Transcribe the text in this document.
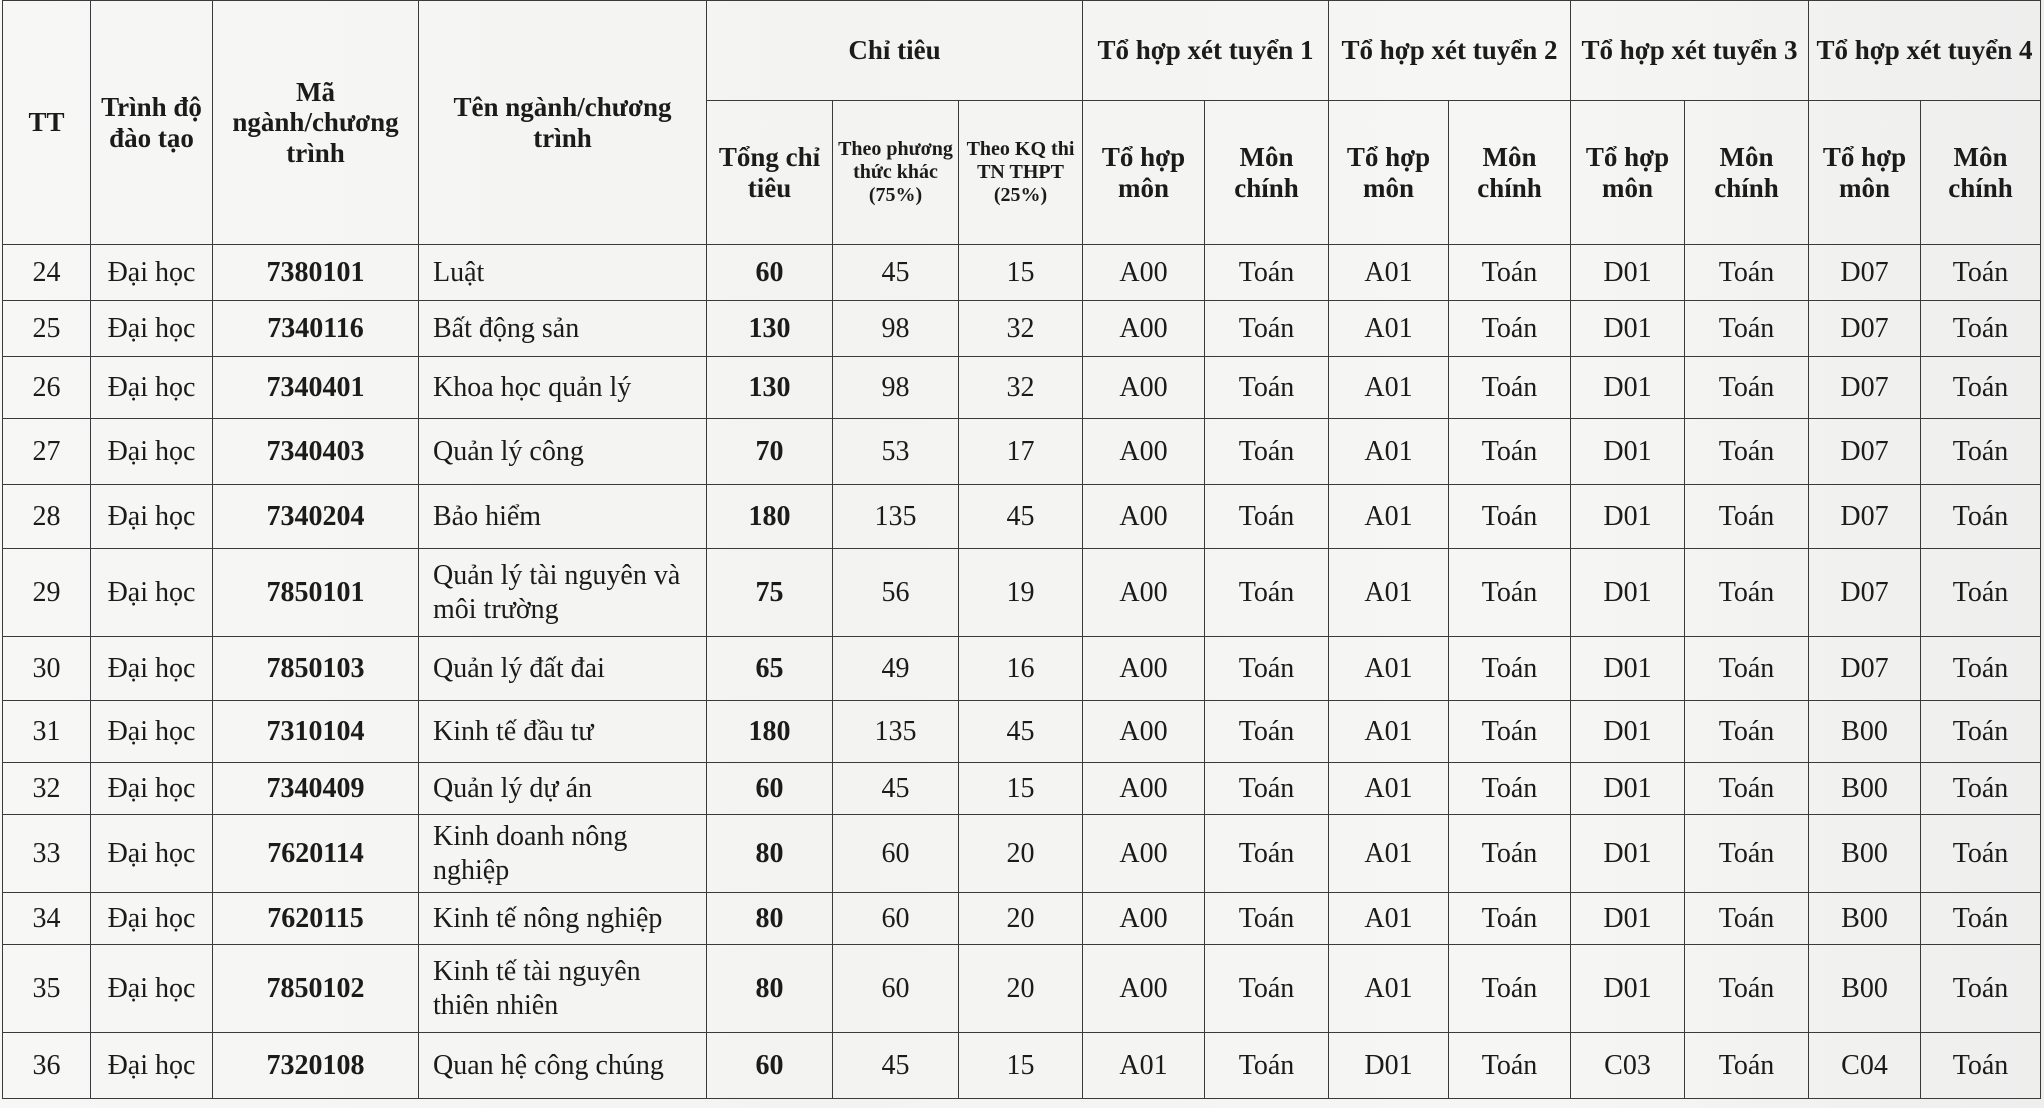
TT	Trình độ đào tạo	Mã ngành/chương trình	Tên ngành/chương trình	Chỉ tiêu			Tổ hợp xét tuyển 1		Tổ hợp xét tuyển 2		Tổ hợp xét tuyển 3		Tổ hợp xét tuyển 4	
				Tổng chỉ tiêu	Theo phương thức khác (75%)	Theo KQ thi TN THPT (25%)	Tổ hợp môn	Môn chính	Tổ hợp môn	Môn chính	Tổ hợp môn	Môn chính	Tổ hợp môn	Môn chính
24	Đại học	7380101	Luật	60	45	15	A00	Toán	A01	Toán	D01	Toán	D07	Toán
25	Đại học	7340116	Bất động sản	130	98	32	A00	Toán	A01	Toán	D01	Toán	D07	Toán
26	Đại học	7340401	Khoa học quản lý	130	98	32	A00	Toán	A01	Toán	D01	Toán	D07	Toán
27	Đại học	7340403	Quản lý công	70	53	17	A00	Toán	A01	Toán	D01	Toán	D07	Toán
28	Đại học	7340204	Bảo hiểm	180	135	45	A00	Toán	A01	Toán	D01	Toán	D07	Toán
29	Đại học	7850101	Quản lý tài nguyên và môi trường	75	56	19	A00	Toán	A01	Toán	D01	Toán	D07	Toán
30	Đại học	7850103	Quản lý đất đai	65	49	16	A00	Toán	A01	Toán	D01	Toán	D07	Toán
31	Đại học	7310104	Kinh tế đầu tư	180	135	45	A00	Toán	A01	Toán	D01	Toán	B00	Toán
32	Đại học	7340409	Quản lý dự án	60	45	15	A00	Toán	A01	Toán	D01	Toán	B00	Toán
33	Đại học	7620114	Kinh doanh nông nghiệp	80	60	20	A00	Toán	A01	Toán	D01	Toán	B00	Toán
34	Đại học	7620115	Kinh tế nông nghiệp	80	60	20	A00	Toán	A01	Toán	D01	Toán	B00	Toán
35	Đại học	7850102	Kinh tế tài nguyên thiên nhiên	80	60	20	A00	Toán	A01	Toán	D01	Toán	B00	Toán
36	Đại học	7320108	Quan hệ công chúng	60	45	15	A01	Toán	D01	Toán	C03	Toán	C04	Toán
